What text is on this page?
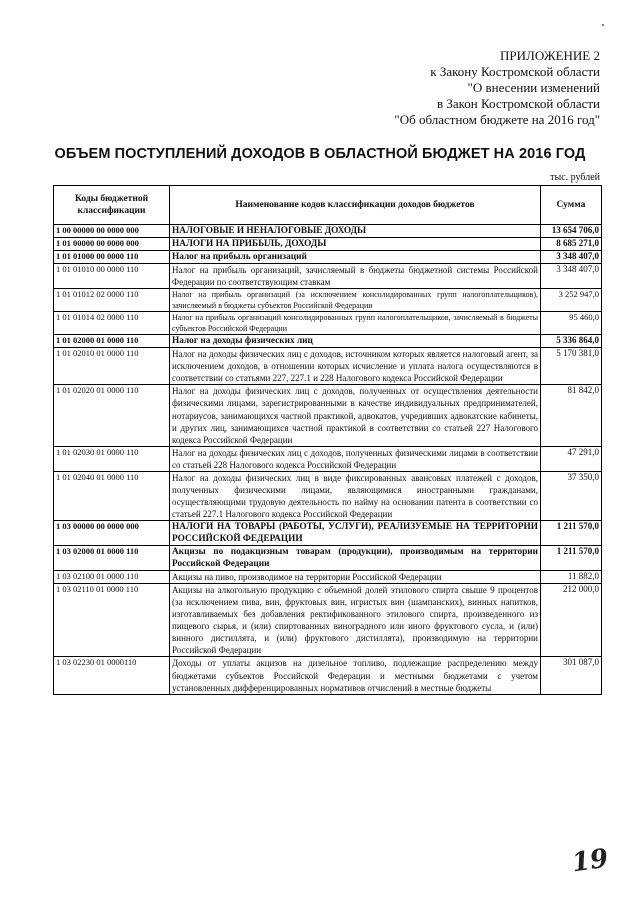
ПРИЛОЖЕНИЕ 2
к Закону Костромской области
"О внесении изменений
в Закон Костромской области
"Об областном бюджете на 2016 год"
ОБЪЕМ ПОСТУПЛЕНИЙ ДОХОДОВ В ОБЛАСТНОЙ БЮДЖЕТ НА 2016 ГОД
тыс. рублей
Коды бюджетной классификации	Наименование кодов классификации доходов бюджетов	Сумма
1 00 00000 00 0000 000	НАЛОГОВЫЕ И НЕНАЛОГОВЫЕ ДОХОДЫ	13 654 706,0
1 01 00000 00 0000 000	НАЛОГИ НА ПРИБЫЛЬ, ДОХОДЫ	8 685 271,0
1 01 01000 00 0000 110	Налог на прибыль организаций	3 348 407,0
1 01 01010 00 0000 110	Налог на прибыль организаций, зачисляемый в бюджеты бюджетной системы Российской Федерации по соответствующим ставкам	3 348 407,0
1 01 01012 02 0000 110	Налог на прибыль организаций (за исключением консолидированных групп налогоплательщиков), зачисляемый в бюджеты субъектов Российской Федерации	3 252 947,0
1 01 01014 02 0000 110	Налог на прибыль организаций консолидированных групп налогоплательщиков, зачисляемый в бюджеты субъектов Российской Федерации	95 460,0
1 01 02000 01 0000 110	Налог на доходы физических лиц	5 336 864,0
1 01 02010 01 0000 110	Налог на доходы физических лиц с доходов, источником которых является налоговый агент, за исключением доходов, в отношении которых исчисление и уплата налога осуществляются в соответствии со статьями 227, 227.1 и 228 Налогового кодекса Российской Федерации	5 170 381,0
1 01 02020 01 0000 110	Налог на доходы физических лиц с доходов, полученных от осуществления деятельности физическими лицами, зарегистрированными в качестве индивидуальных предпринимателей, нотариусов, занимающихся частной практикой, адвокатов, учредивших адвокатские кабинеты, и других лиц, занимающихся частной практикой в соответствии со статьей 227 Налогового кодекса Российской Федерации	81 842,0
1 01 02030 01 0000 110	Налог на доходы физических лиц с доходов, полученных физическими лицами в соответствии со статьей 228 Налогового кодекса Российской Федерации	47 291,0
1 01 02040 01 0000 110	Налог на доходы физических лиц в виде фиксированных авансовых платежей с доходов, полученных физическими лицами, являющимися иностранными гражданами, осуществляющими трудовую деятельность по найму на основании патента в соответствии со статьей 227.1 Налогового кодекса Российской Федерации	37 350,0
1 03 00000 00 0000 000	НАЛОГИ НА ТОВАРЫ (РАБОТЫ, УСЛУГИ), РЕАЛИЗУЕМЫЕ НА ТЕРРИТОРИИ РОССИЙСКОЙ ФЕДЕРАЦИИ	1 211 570,0
1 03 02000 01 0000 110	Акцизы по подакцизным товарам (продукции), производимым на территории Российской Федерации	1 211 570,0
1 03 02100 01 0000 110	Акцизы на пиво, производимое на территории Российской Федерации	11 882,0
1 03 02110 01 0000 110	Акцизы на алкогольную продукцию с объемной долей этилового спирта свыше 9 процентов (за исключением пива, вин, фруктовых вин, игристых вин (шампанских), винных напитков, изготавливаемых без добавления ректификованного этилового спирта, произведенного из пищевого сырья, и (или) спиртованных виноградного или иного фруктового сусла, и (или) винного дистиллята, и (или) фруктового дистиллята), производимую на территории Российской Федерации	212 000,0
1 03 02230 01 0000110	Доходы от уплаты акцизов на дизельное топливо, подлежащие распределению между бюджетами субъектов Российской Федерации и местными бюджетами с учетом установленных дифференцированных нормативов отчислений в местные бюджеты	301 087,0
19
